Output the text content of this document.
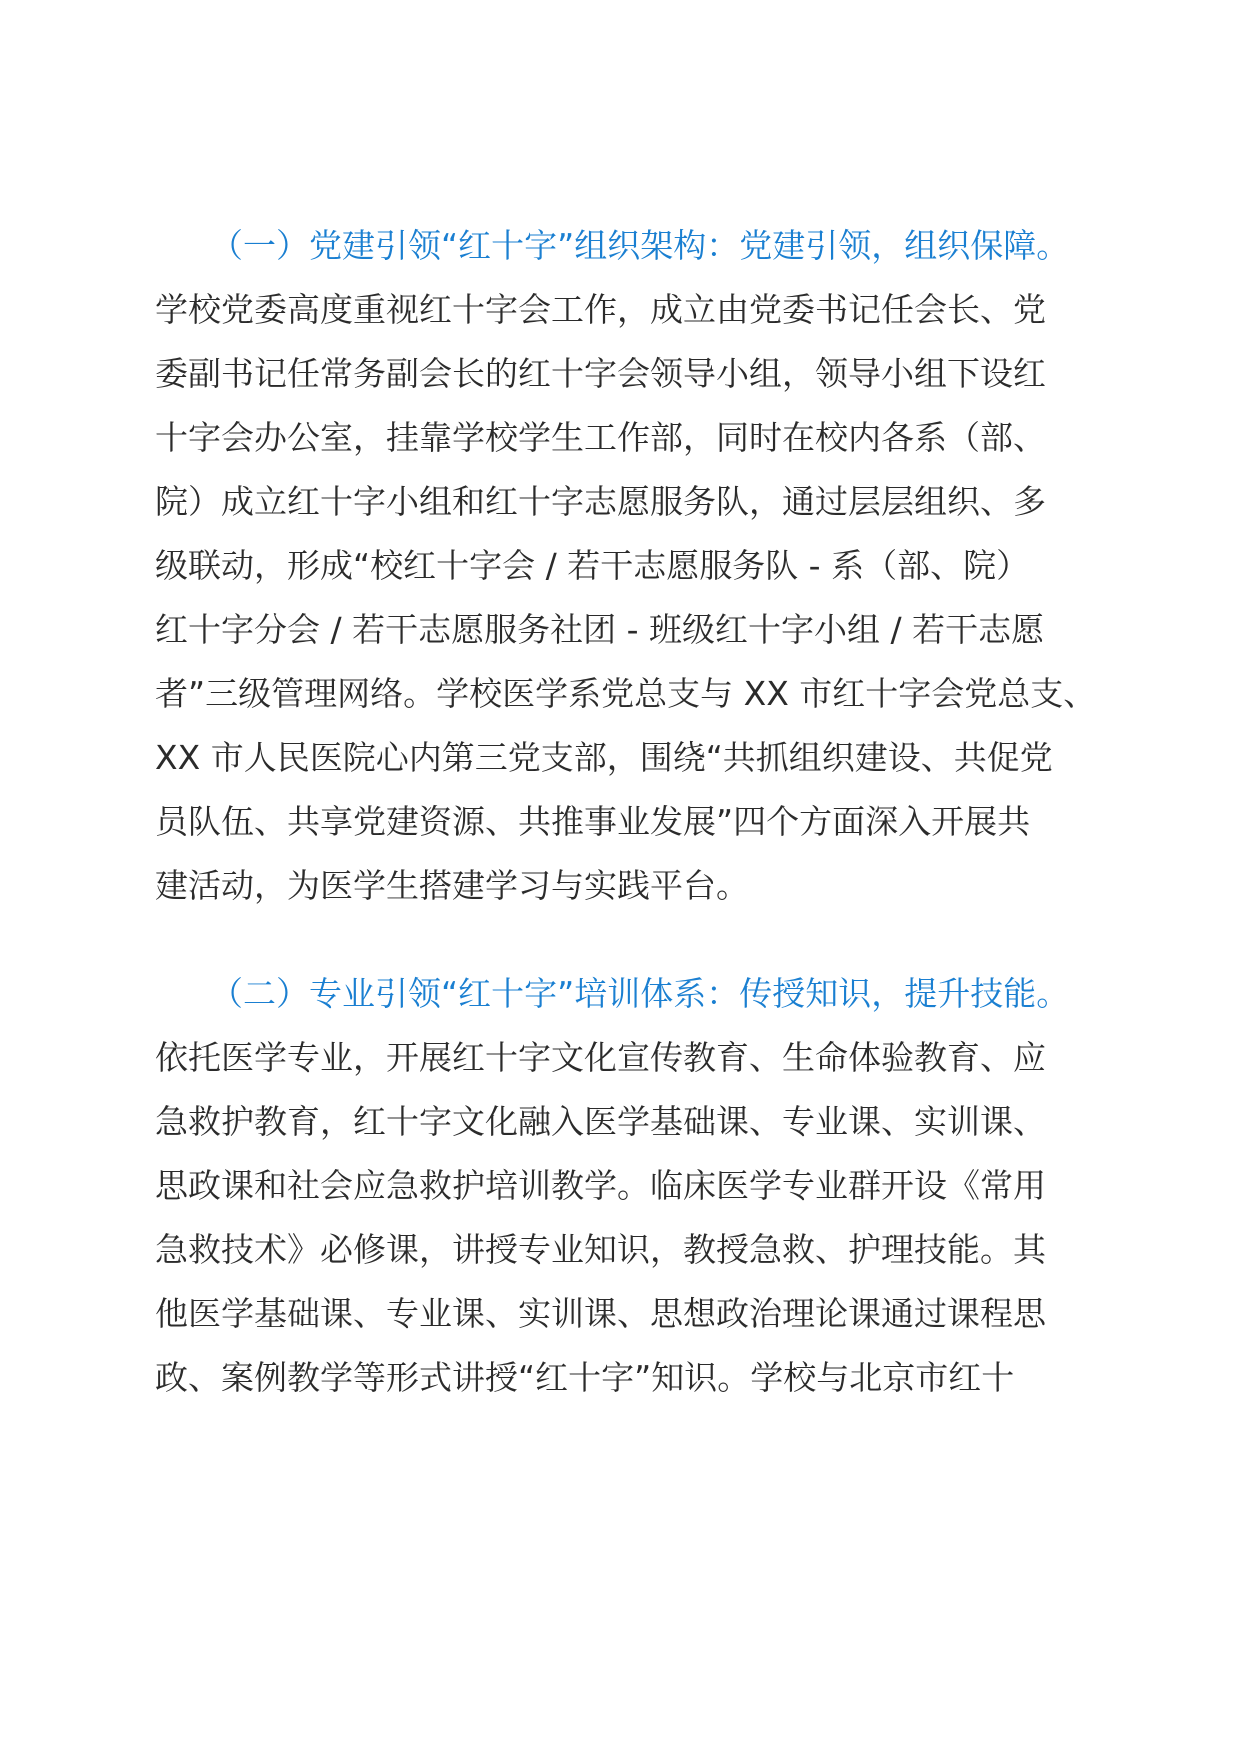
（一）党建引领“红十字”组织架构：党建引领，组织保障。
学校党委高度重视红十字会工作，成立由党委书记任会长、党
委副书记任常务副会长的红十字会领导小组，领导小组下设红
十字会办公室，挂靠学校学生工作部，同时在校内各系（部、
院）成立红十字小组和红十字志愿服务队，通过层层组织、多
级联动，形成“校红十字会 / 若干志愿服务队 - 系（部、院）
红十字分会 / 若干志愿服务社团 - 班级红十字小组 / 若干志愿
者”三级管理网络。学校医学系党总支与 XX 市红十字会党总支、
XX 市人民医院心内第三党支部，围绕“共抓组织建设、共促党
员队伍、共享党建资源、共推事业发展”四个方面深入开展共
建活动，为医学生搭建学习与实践平台。
（二）专业引领“红十字”培训体系：传授知识，提升技能。
依托医学专业，开展红十字文化宣传教育、生命体验教育、应
急救护教育，红十字文化融入医学基础课、专业课、实训课、
思政课和社会应急救护培训教学。临床医学专业群开设《常用
急救技术》必修课，讲授专业知识，教授急救、护理技能。其
他医学基础课、专业课、实训课、思想政治理论课通过课程思
政、案例教学等形式讲授“红十字”知识。学校与北京市红十
